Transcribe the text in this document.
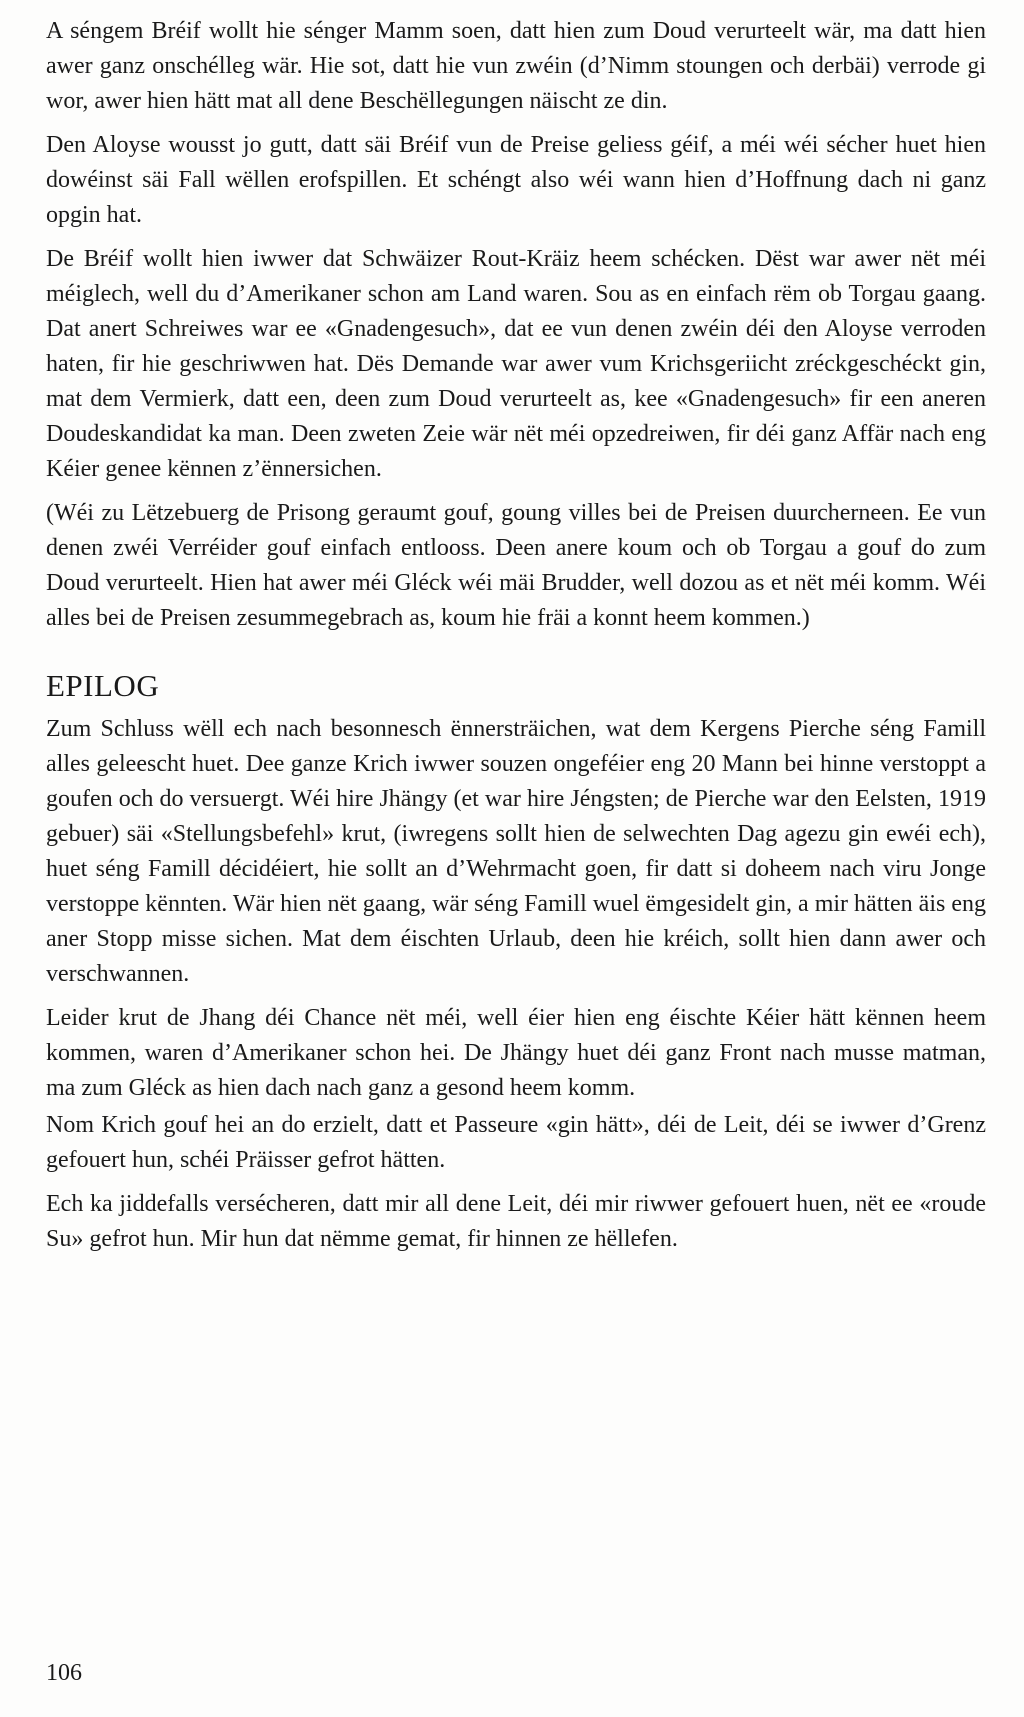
A séngem Bréif wollt hie sénger Mamm soen, datt hien zum Doud verurteelt wär, ma datt hien awer ganz onschélleg wär. Hie sot, datt hie vun zwéin (d’Nimm stoungen och derbäi) verrode gi wor, awer hien hätt mat all dene Beschëllegungen näischt ze din.

Den Aloyse wousst jo gutt, datt säi Bréif vun de Preise geliess géif, a méi wéi sécher huet hien dowéinst säi Fall wëllen erofspillen. Et schéngt also wéi wann hien d’Hoffnung dach ni ganz opgin hat.

De Bréif wollt hien iwwer dat Schwäizer Rout-Kräiz heem schécken. Dëst war awer nët méi méiglech, well du d’Amerikaner schon am Land waren. Sou as en einfach rëm ob Torgau gaang. Dat anert Schreiwes war ee «Gnadengesuch», dat ee vun denen zwéin déi den Aloyse verroden haten, fir hie geschriwwen hat. Dës Demande war awer vum Krichsgeriicht zréckgeschéckt gin, mat dem Vermierk, datt een, deen zum Doud verurteelt as, kee «Gnadengesuch» fir een aneren Doudeskandidat ka man. Deen zweten Zeie wär nët méi opzedreiwen, fir déi ganz Affär nach eng Kéier genee kënnen z’ënnersichen.

(Wéi zu Lëtzebuerg de Prisong geraumt gouf, goung villes bei de Preisen duurcherneen. Ee vun denen zwéi Verréider gouf einfach entlooss. Deen anere koum och ob Torgau a gouf do zum Doud verurteelt. Hien hat awer méi Gléck wéi mäi Brudder, well dozou as et nët méi komm. Wéi alles bei de Preisen zesummegebrach as, koum hie fräi a konnt heem kommen.)

EPILOG

Zum Schluss wëll ech nach besonnesch ënnersträichen, wat dem Kergens Pierche séng Famill alles geleescht huet. Dee ganze Krich iwwer souzen ongeféier eng 20 Mann bei hinne verstoppt a goufen och do versuergt. Wéi hire Jhängy (et war hire Jéngsten; de Pierche war den Eelsten, 1919 gebuer) säi «Stellungsbefehl» krut, (iwregens sollt hien de selwechten Dag agezu gin ewéi ech), huet séng Famill décidéiert, hie sollt an d’Wehrmacht goen, fir datt si doheem nach viru Jonge verstoppe kënnten. Wär hien nët gaang, wär séng Famill wuel ëmgesidelt gin, a mir hätten äis eng aner Stopp misse sichen. Mat dem éischten Urlaub, deen hie kréich, sollt hien dann awer och verschwannen.

Leider krut de Jhang déi Chance nët méi, well éier hien eng éischte Kéier hätt kënnen heem kommen, waren d’Amerikaner schon hei. De Jhängy huet déi ganz Front nach musse matman, ma zum Gléck as hien dach nach ganz a gesond heem komm.

Nom Krich gouf hei an do erzielt, datt et Passeure «gin hätt», déi de Leit, déi se iwwer d’Grenz gefouert hun, schéi Präisser gefrot hätten.

Ech ka jiddefalls versécheren, datt mir all dene Leit, déi mir riwwer gefouert huen, nët ee «roude Su» gefrot hun. Mir hun dat nëmme gemat, fir hinnen ze hëllefen.

106
